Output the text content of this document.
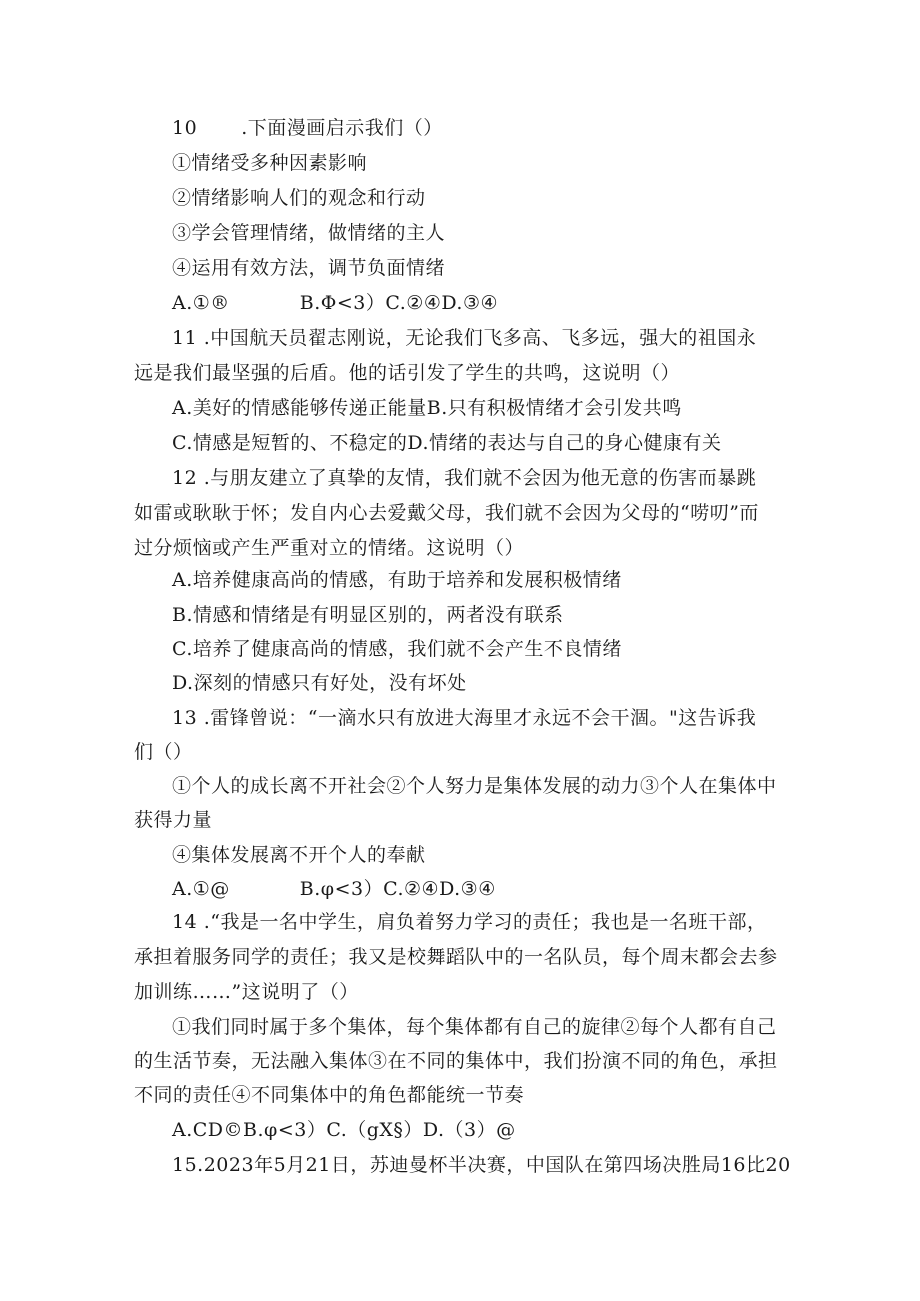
10 .下面漫画启示我们（）
①情绪受多种因素影响
②情绪影响人们的观念和行动
③学会管理情绪，做情绪的主人
④运用有效方法，调节负面情绪
A.①®	B.Φ<3）C.②④D.③④
11 .中国航天员翟志刚说，无论我们飞多高、飞多远，强大的祖国永
远是我们最坚强的后盾。他的话引发了学生的共鸣，这说明（）
A.美好的情感能够传递正能量B.只有积极情绪才会引发共鸣
C.情感是短暂的、不稳定的D.情绪的表达与自己的身心健康有关
12 .与朋友建立了真挚的友情，我们就不会因为他无意的伤害而暴跳
如雷或耿耿于怀；发自内心去爱戴父母，我们就不会因为父母的“唠叨”而
过分烦恼或产生严重对立的情绪。这说明（）
A.培养健康高尚的情感，有助于培养和发展积极情绪
B.情感和情绪是有明显区别的，两者没有联系
C.培养了健康高尚的情感，我们就不会产生不良情绪
D.深刻的情感只有好处，没有坏处
13 .雷锋曾说：“一滴水只有放进大海里才永远不会干涸。"这告诉我
们（）
①个人的成长离不开社会②个人努力是集体发展的动力③个人在集体中
获得力量
④集体发展离不开个人的奉献
A.①@	B.φ<3）C.②④D.③④
14 .“我是一名中学生，肩负着努力学习的责任；我也是一名班干部，
承担着服务同学的责任；我又是校舞蹈队中的一名队员，每个周末都会去参
加训练……”这说明了（）
①我们同时属于多个集体，每个集体都有自己的旋律②每个人都有自己
的生活节奏，无法融入集体③在不同的集体中，我们扮演不同的角色，承担
不同的责任④不同集体中的角色都能统一节奏
A.CD©B.φ<3）C.（gX§）D.（3）@
15.2023年5月21日，苏迪曼杯半决赛，中国队在第四场决胜局16比20
